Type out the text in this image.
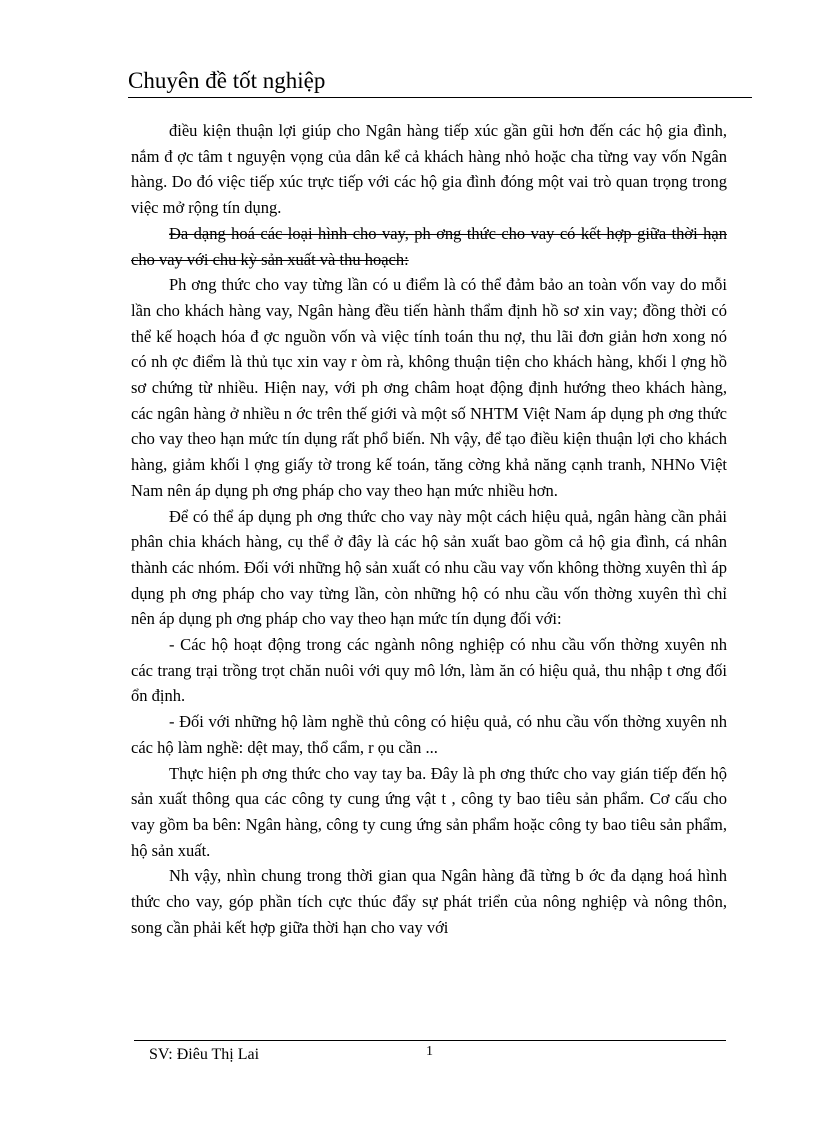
Chuyên đề tốt nghiệp

điều kiện thuận lợi giúp cho Ngân hàng tiếp xúc gần gũi hơn đến các hộ gia đình, nắm đ ợc tâm t nguyện vọng của dân kể cả khách hàng nhỏ hoặc cha từng vay vốn Ngân hàng. Do đó việc tiếp xúc trực tiếp với các hộ gia đình đóng một vai trò quan trọng trong việc mở rộng tín dụng.

Đa dạng hoá các loại hình cho vay, ph ơng thức cho vay có kết hợp giữa thời hạn cho vay với chu kỳ sản xuất và thu hoạch:

Ph ơng thức cho vay từng lần có u điểm là có thể đảm bảo an toàn vốn vay do mỗi lần cho khách hàng vay, Ngân hàng đều tiến hành thẩm định hồ sơ xin vay; đồng thời có thể kế hoạch hóa đ ợc nguồn vốn và việc tính toán thu nợ, thu lãi đơn giản hơn xong nó có nh ợc điểm là thủ tục xin vay r òm rà, không thuận tiện cho khách hàng, khối l ợng hồ sơ chứng từ nhiều. Hiện nay, với ph ơng châm hoạt động định hướng theo khách hàng, các ngân hàng ở nhiều n ớc trên thế giới và một số NHTM Việt Nam áp dụng ph ơng thức cho vay theo hạn mức tín dụng rất phổ biến. Nh vậy, để tạo điều kiện thuận lợi cho khách hàng, giảm khối l ợng giấy tờ trong kế toán, tăng cờng khả năng cạnh tranh, NHNo Việt Nam nên áp dụng ph ơng pháp cho vay theo hạn mức nhiều hơn.

Để có thể áp dụng ph ơng thức cho vay này một cách hiệu quả, ngân hàng cần phải phân chia khách hàng, cụ thể ở đây là các hộ sản xuất bao gồm cả hộ gia đình, cá nhân thành các nhóm. Đối với những hộ sản xuất có nhu cầu vay vốn không thờng xuyên thì áp dụng ph ơng pháp cho vay từng lần, còn những hộ có nhu cầu vốn thờng xuyên thì chỉ nên áp dụng ph ơng pháp cho vay theo hạn mức tín dụng đối với:

- Các hộ hoạt động trong các ngành nông nghiệp có nhu cầu vốn thờng xuyên nh các trang trại trồng trọt chăn nuôi với quy mô lớn, làm ăn có hiệu quả, thu nhập t ơng đối ổn định.

- Đối với những hộ làm nghề thủ công có hiệu quả, có nhu cầu vốn thờng xuyên nh các hộ làm nghề: dệt may, thổ cẩm, r ọu cần ...

Thực hiện ph ơng thức cho vay tay ba. Đây là ph ơng thức cho vay gián tiếp đến hộ sản xuất thông qua các công ty cung ứng vật t , công ty bao tiêu sản phẩm. Cơ cấu cho vay gồm ba bên: Ngân hàng, công ty cung ứng sản phẩm hoặc công ty bao tiêu sản phẩm, hộ sản xuất.

Nh vậy, nhìn chung trong thời gian qua Ngân hàng đã từng b ớc đa dạng hoá hình thức cho vay, góp phần tích cực thúc đẩy sự phát triển của nông nghiệp và nông thôn, song cần phải kết hợp giữa thời hạn cho vay với

SV: Điêu Thị Lai	1
